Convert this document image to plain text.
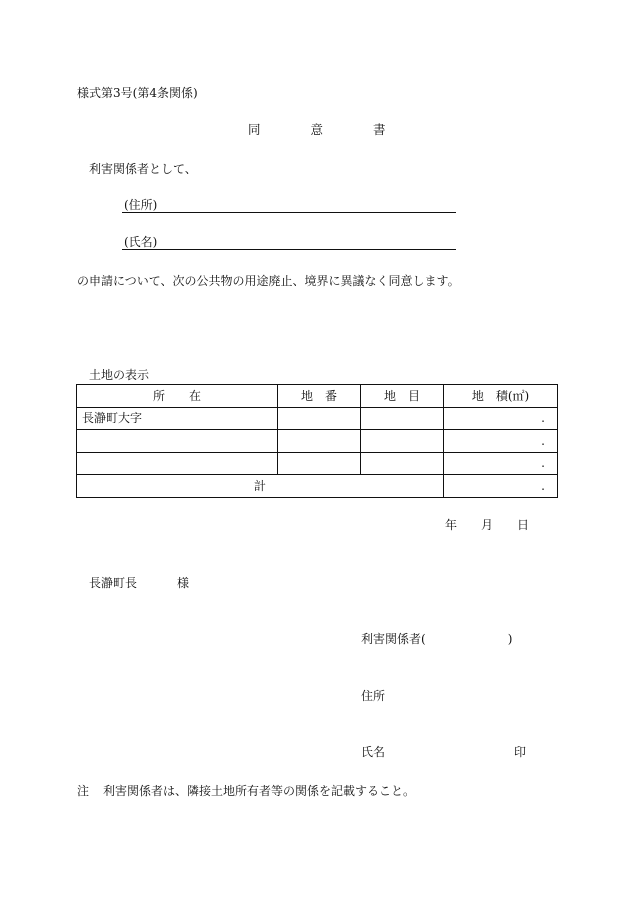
様式第3号(第4条関係)
同	意	書
利害関係者として、
(住所)
(氏名)
の申請について、次の公共物の用途廃止、境界に異議なく同意します。
土地の表示
所　　在	地　番	地　目	地　積(㎡)
長瀞町大字			.
			.
			.
計			.
年 月 日
長瀞町長	様
利害関係者(	)
住所
氏名	印
注 利害関係者は、隣接土地所有者等の関係を記載すること。
